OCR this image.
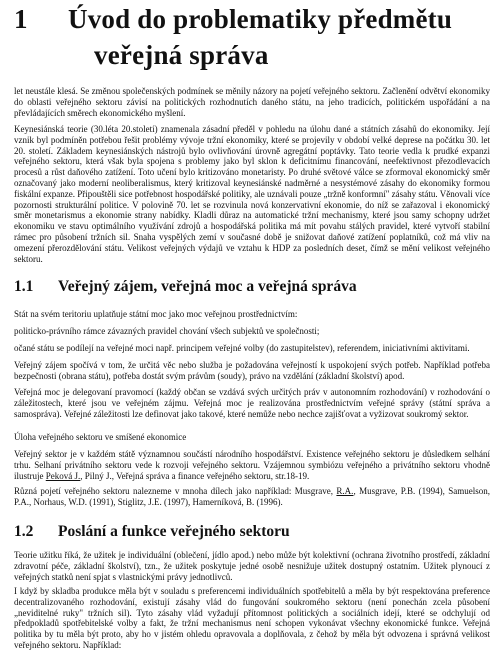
1 Úvod do problematiky předmětu
veřejná správa

let neustále klesá. Se změnou společenských podmínek se měnily názory na pojetí veřejného sektoru. Začlenění odvětví ekonomiky do oblasti veřejného sektoru závisí na politických rozhodnutích daného státu, na jeho tradicích, politickém uspořádání a na převládajících směrech ekonomického myšlení.

Keynesiánská teorie (30.léta 20.století) znamenala zásadní předěl v pohledu na úlohu dané a státních zásahů do ekonomiky. Její vznik byl podmíněn potřebou řešit problémy vývoje tržní ekonomiky, které se projevily v období velké deprese na počátku 30. let 20. století. Základem keynesiánských nástrojů bylo ovlivňování úrovně agregátní poptávky. Tato teorie vedla k prudké expanzi veřejného sektoru, která však byla spojena s problemy jako byl sklon k deficitnímu financování, neefektivnost přezodlevacích procesů a růst daňového zatížení. Toto učení bylo kritizováno monetaristy. Po druhé světové válce se zformoval ekonomický směr označovaný jako moderní neoliberalismus, který kritizoval keynesiánské nadměrné a nesystémové zásahy do ekonomiky formou fiskální expanze. Připouštěli sice potřebnost hospodářské politiky, ale uznávali pouze „tržně konformní" zásahy státu. Věnovali více pozornosti strukturální politice. V polovině 70. let se rozvinula nová konzervativní ekonomie, do níž se zařazoval i ekonomický směr monetarismus a ekonomie strany nabídky. Kladli důraz na automatické tržní mechanismy, které jsou samy schopny udržet ekonomiku ve stavu optimálního využívání zdrojů a hospodářská politika má mít povahu stálých pravidel, které vytvoří stabilní rámec pro působení tržních sil. Snaha vyspělých zemí v současné době je snižovat daňové zatížení poplatníků, což má vliv na omezení přerozdělování státu. Velikost veřejných výdajů ve vztahu k HDP za posledních deset, čímž se mění velikost veřejného sektoru.

1.1 Veřejný zájem, veřejná moc a veřejná správa

Stát na svém teritoriu uplatňuje státní moc jako moc veřejnou prostřednictvím:

politicko-právního rámce závazných pravidel chování všech subjektů ve společnosti;

očané státu se podílejí na veřejné moci např. principem veřejné volby (do zastupitelstev), referendem, iniciativními aktivitami.

Veřejný zájem spočívá v tom, že určitá věc nebo služba je požadována veřejností k uspokojení svých potřeb. Například potřeba bezpečnosti (obrana státu), potřeba dostát svým právům (soudy), právo na vzdělání (základní školství) apod.

Veřejná moc je delegovaní pravomocí (každý občan se vzdává svých určitých práv v autonomním rozhodování) v rozhodování o záležitostech, které jsou ve veřejném zájmu. Veřejná moc je realizována prostřednictvím veřejné správy (státní správa a samospráva). Veřejné záležitosti lze definovat jako takové, které nemůže nebo nechce zajišťovat a vyžizovat soukromý sektor.

Úloha veřejného sektoru ve smíšené ekonomice

Veřejný sektor je v každém státě významnou součástí národního hospodářství. Existence veřejného sektoru je důsledkem selhání trhu. Selhaní privátního sektoru vede k rozvoji veřejného sektoru. Vzájemnou symbiózu veřejného a privátního sektoru vhodně ilustruje Peková J., Pilný J., Veřejná správa a finance veřejného sektoru, str.18-19.

Různá pojetí veřejného sektoru nalezneme v mnoha dílech jako například: Musgrave, R.A., Musgrave, P.B. (1994), Samuelson, P.A., Norhaus, W.D. (1991), Stiglitz, J.E. (1997), Hamerníková, B. (1996).

1.2 Poslání a funkce veřejného sektoru

Teorie užitku říká, že užitek je individuální (oblečení, jídlo apod.) nebo může být kolektivní (ochrana životního prostředí, základní zdravotní péče, základní školství), tzn., že užitek poskytuje jedné osobě nesnižuje užitek dostupný ostatním. Užitek plynoucí z veřejných statků není spjat s vlastnickými právy jednotlivců.

I když by skladba produkce měla být v souladu s preferencemi individuálních spotřebitelů a měla by být respektována preference decentralizovaného rozhodování, existují zásahy vlád do fungování soukromého sektoru (není ponechán zcela působení „neviditelné ruky" tržních sil). Tyto zásahy vlád vyžadují přítomnost politických a sociálních idejí, které se odchylují od předpokladů spotřebitelské volby a fakt, že tržní mechanismus není schopen vykonávat všechny ekonomické funkce. Veřejná politika by tu měla být proto, aby ho v jistém ohledu opravovala a doplňovala, z čehož by měla být odvozena i správná velikost veřejného sektoru. Například:
